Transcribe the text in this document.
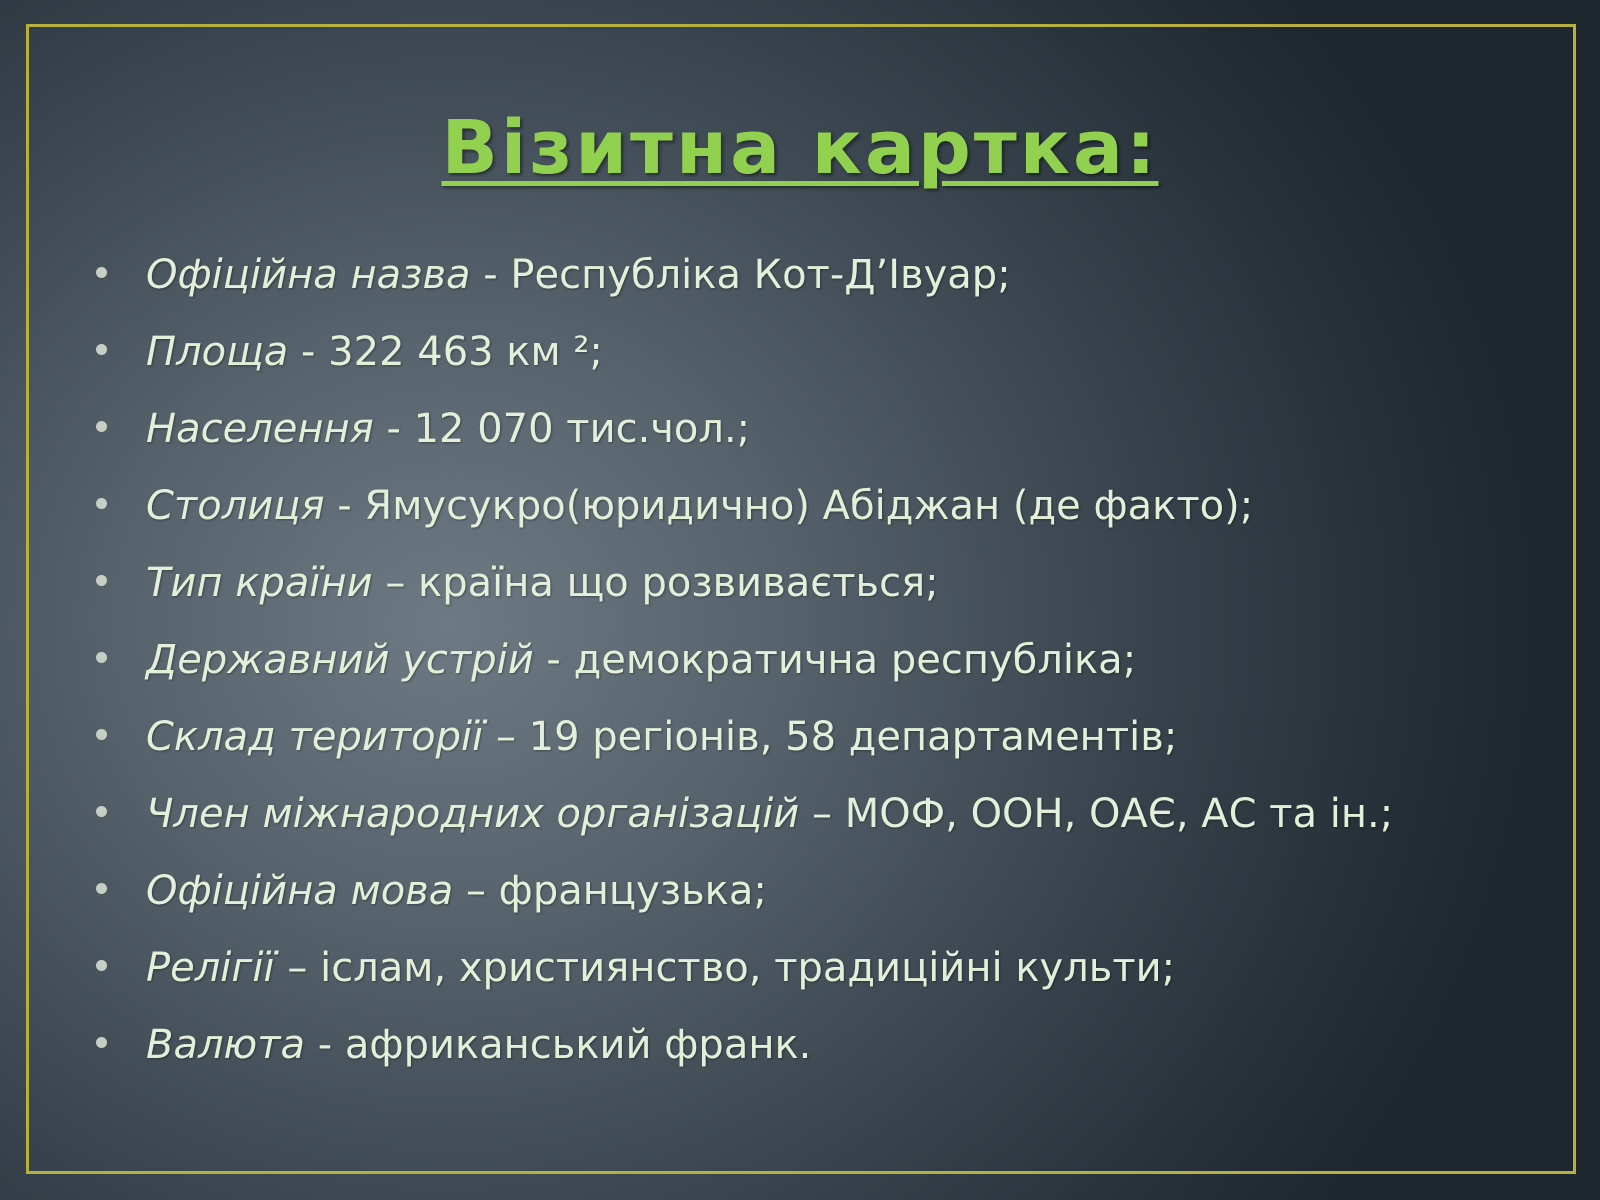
Візитна картка:
Офіційна назва - Республіка Кот-Д’Івуар;
Площа - 322 463 км ²;
Населення - 12 070 тис.чол.;
Столиця - Ямусукро(юридично) Абіджан (де факто);
Тип країни – країна що розвивається;
Державний устрій - демократична республіка;
Склад території – 19 регіонів, 58 департаментів;
Член міжнародних організацій – МОФ, ООН, ОАЄ, АС та ін.;
Офіційна мова – французька;
Релігії – іслам, християнство, традиційні культи;
Валюта - африканський франк.
